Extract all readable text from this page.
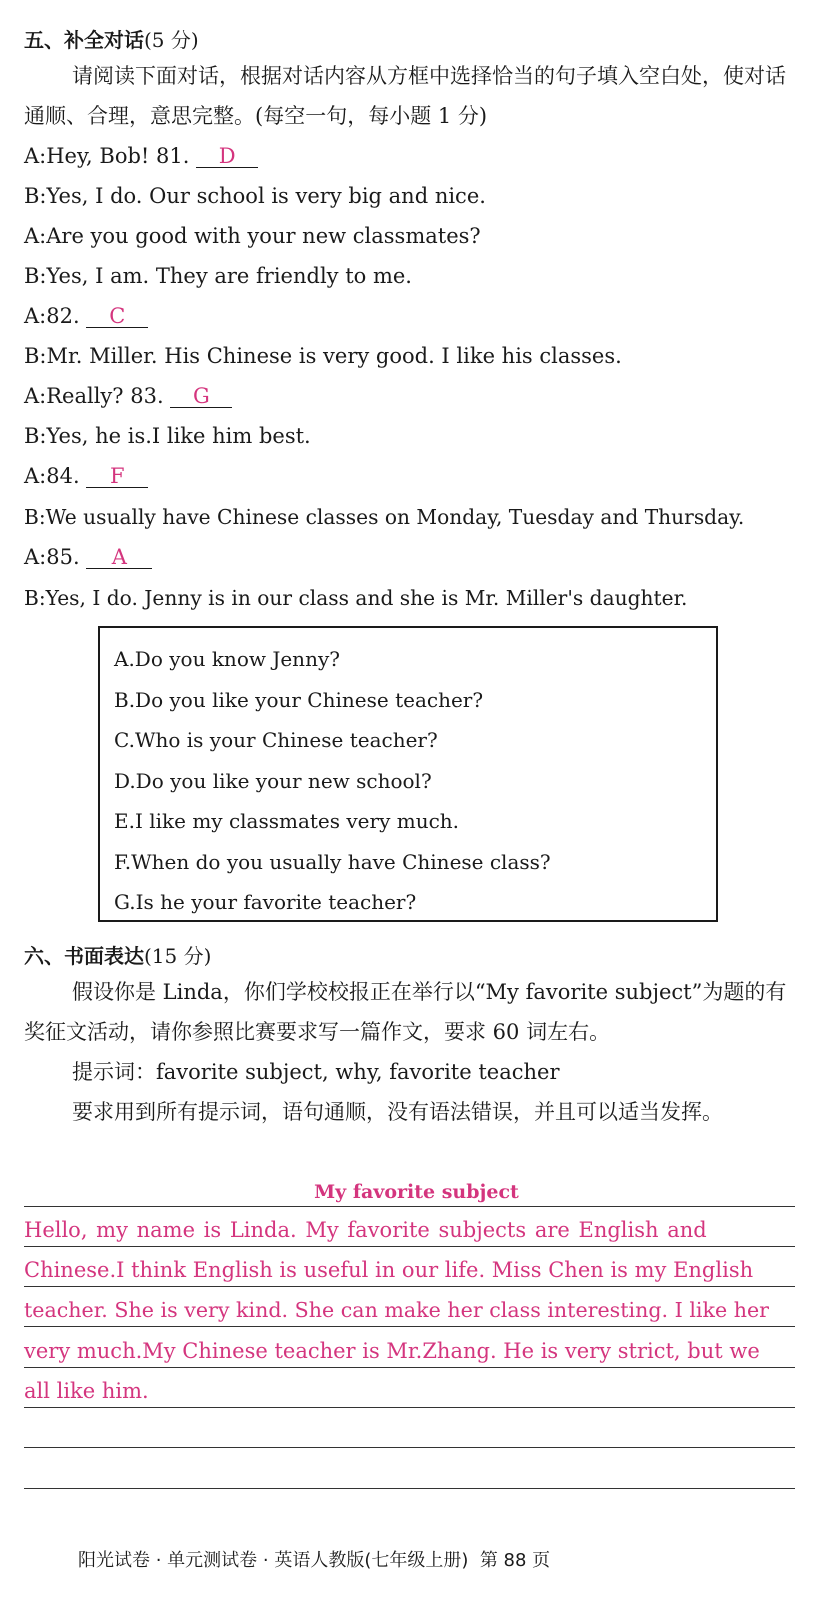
五、补全对话(5 分)
请阅读下面对话，根据对话内容从方框中选择恰当的句子填入空白处，使对话通顺、合理，意思完整。(每空一句，每小题 1 分)
A:Hey, Bob! 81. D
B:Yes, I do. Our school is very big and nice.
A:Are you good with your new classmates?
B:Yes, I am. They are friendly to me.
A:82. C
B:Mr. Miller. His Chinese is very good. I like his classes.
A:Really? 83. G
B:Yes, he is.I like him best.
A:84. F
B:We usually have Chinese classes on Monday, Tuesday and Thursday.
A:85. A
B:Yes, I do. Jenny is in our class and she is Mr. Miller's daughter.
A.Do you know Jenny?
B.Do you like your Chinese teacher?
C.Who is your Chinese teacher?
D.Do you like your new school?
E.I like my classmates very much.
F.When do you usually have Chinese class?
G.Is he your favorite teacher?
六、书面表达(15 分)
假设你是 Linda，你们学校校报正在举行以“My favorite subject”为题的有奖征文活动，请你参照比赛要求写一篇作文，要求 60 词左右。
提示词：favorite subject, why, favorite teacher
要求用到所有提示词，语句通顺，没有语法错误，并且可以适当发挥。
My favorite subject
Hello, my name is Linda. My favorite subjects are English and
Chinese.I think English is useful in our life. Miss Chen is my English
teacher. She is very kind. She can make her class interesting. I like her
very much.My Chinese teacher is Mr.Zhang. He is very strict, but we
all like him.
阳光试卷 · 单元测试卷 · 英语人教版(七年级上册) 第 88 页
